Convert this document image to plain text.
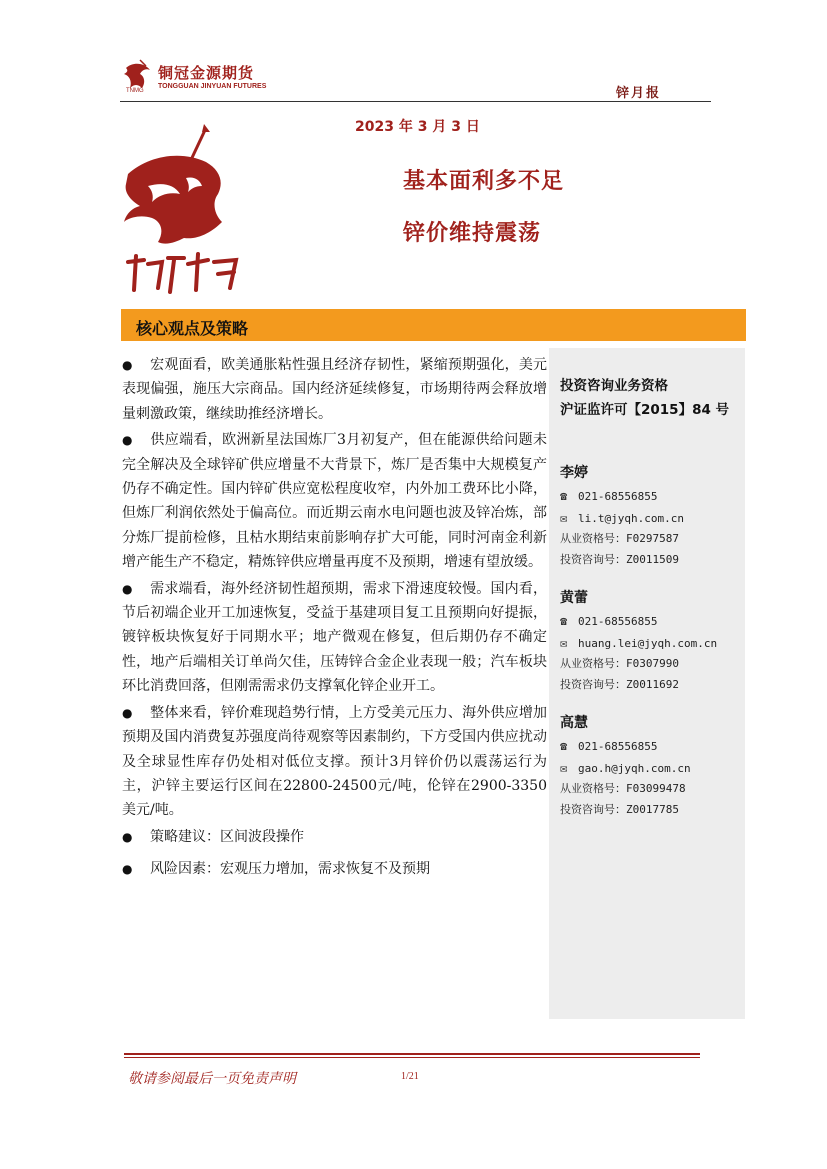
铜冠金源期货
TONGGUAN JINYUAN FUTURES
TNMG	锌月报
2023 年 3 月 3 日
基本面利多不足
锌价维持震荡
核心观点及策略
投资咨询业务资格
沪证监许可【2015】84 号
李婷
☎ 021-68556855
✉ li.t@jyqh.com.cn
从业资格号：F0297587
投资咨询号：Z0011509
黄蕾
☎ 021-68556855
✉ huang.lei@jyqh.com.cn
从业资格号：F0307990
投资咨询号：Z0011692
高慧
☎ 021-68556855
✉ gao.h@jyqh.com.cn
从业资格号：F03099478
投资咨询号：Z0017785

● 宏观面看，欧美通胀粘性强且经济存韧性，紧缩预期强化，美元表现偏强，施压大宗商品。国内经济延续修复，市场期待两会释放增量刺激政策，继续助推经济增长。

● 供应端看，欧洲新星法国炼厂3月初复产，但在能源供给问题未完全解决及全球锌矿供应增量不大背景下，炼厂是否集中大规模复产仍存不确定性。国内锌矿供应宽松程度收窄，内外加工费环比小降，但炼厂利润依然处于偏高位。而近期云南水电问题也波及锌冶炼，部分炼厂提前检修，且枯水期结束前影响存扩大可能，同时河南金利新增产能生产不稳定，精炼锌供应增量再度不及预期，增速有望放缓。

● 需求端看，海外经济韧性超预期，需求下滑速度较慢。国内看，节后初端企业开工加速恢复，受益于基建项目复工且预期向好提振，镀锌板块恢复好于同期水平；地产微观在修复，但后期仍存不确定性，地产后端相关订单尚欠佳，压铸锌合金企业表现一般；汽车板块环比消费回落，但刚需需求仍支撑氧化锌企业开工。

● 整体来看，锌价难现趋势行情，上方受美元压力、海外供应增加预期及国内消费复苏强度尚待观察等因素制约，下方受国内供应扰动及全球显性库存仍处相对低位支撑。预计3月锌价仍以震荡运行为主，沪锌主要运行区间在22800-24500元/吨，伦锌在2900-3350美元/吨。

● 策略建议：区间波段操作

● 风险因素：宏观压力增加，需求恢复不及预期

敬请参阅最后一页免责声明	1/21
